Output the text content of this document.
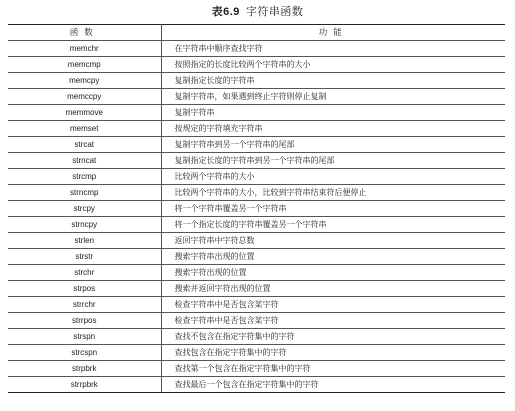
表6.9 字符串函数
函数	功能
memchr	在字符串中顺序查找字符
memcmp	按照指定的长度比较两个字符串的大小
memcpy	复制指定长度的字符串
memccpy	复制字符串，如果遇到终止字符则停止复制
memmove	复制字符串
memset	按规定的字符填充字符串
strcat	复制字符串到另一个字符串的尾部
strncat	复制指定长度的字符串到另一个字符串的尾部
strcmp	比较两个字符串的大小
strncmp	比较两个字符串的大小，比较到字符串结束符后便停止
strcpy	将一个字符串覆盖另一个字符串
strncpy	将一个指定长度的字符串覆盖另一个字符串
strlen	返回字符串中字符总数
strstr	搜索字符串出现的位置
strchr	搜索字符出现的位置
strpos	搜索并返回字符出现的位置
strrchr	检查字符串中是否包含某字符
strrpos	检查字符串中是否包含某字符
strspn	查找不包含在指定字符集中的字符
strcspn	查找包含在指定字符集中的字符
strpbrk	查找第一个包含在指定字符集中的字符
strrpbrk	查找最后一个包含在指定字符集中的字符
